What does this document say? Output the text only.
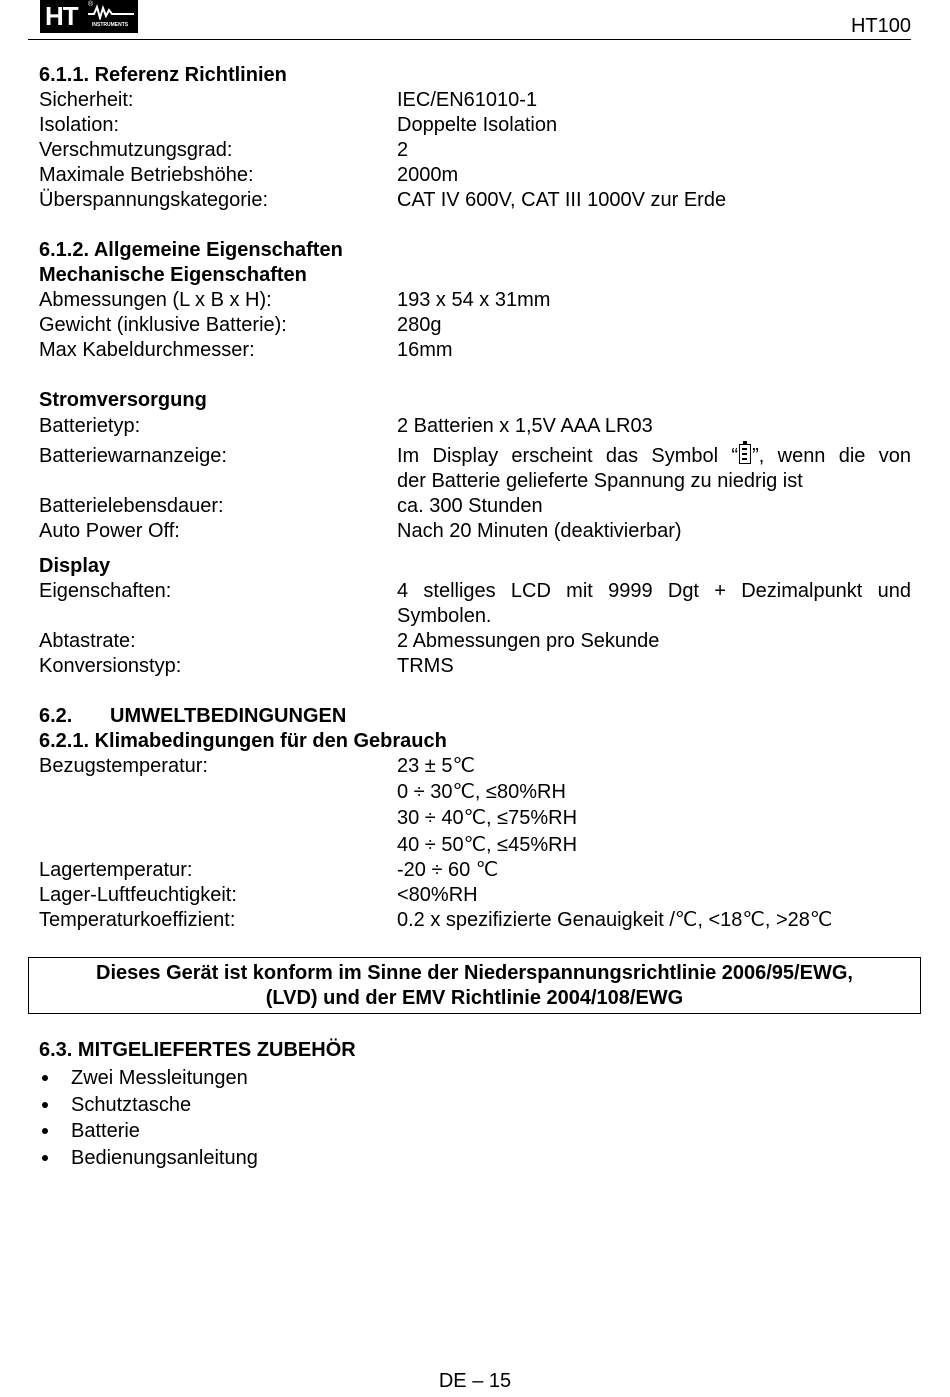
HT ®
INSTRUMENTS	HT100
6.1.1. Referenz Richtlinien
Sicherheit:	IEC/EN61010-1
Isolation:	Doppelte Isolation
Verschmutzungsgrad:	2
Maximale Betriebshöhe:	2000m
Überspannungskategorie:	CAT IV 600V, CAT III 1000V zur Erde
6.1.2. Allgemeine Eigenschaften
Mechanische Eigenschaften
Abmessungen (L x B x H):	193 x 54 x 31mm
Gewicht (inklusive Batterie):	280g
Max Kabeldurchmesser:	16mm
Stromversorgung
Batterietyp:	2 Batterien x 1,5V AAA LR03
Batteriewarnanzeige:	Im Display erscheint das Symbol “ ”, wenn die von
der Batterie gelieferte Spannung zu niedrig ist
Batterielebensdauer:	ca. 300 Stunden
Auto Power Off:	Nach 20 Minuten (deaktivierbar)
Display
Eigenschaften:	4 stelliges LCD mit 9999 Dgt + Dezimalpunkt und
Symbolen.
Abtastrate:	2 Abmessungen pro Sekunde
Konversionstyp:	TRMS
6.2. UMWELTBEDINGUNGEN
6.2.1. Klimabedingungen für den Gebrauch
Bezugstemperatur:	23 ± 5℃
0 ÷ 30℃, ≤80%RH
30 ÷ 40℃, ≤75%RH
40 ÷ 50℃, ≤45%RH
Lagertemperatur:	-20 ÷ 60 ℃
Lager-Luftfeuchtigkeit:	<80%RH
Temperaturkoeffizient:	0.2 x spezifizierte Genauigkeit /℃, <18℃, >28℃
Dieses Gerät ist konform im Sinne der Niederspannungsrichtlinie 2006/95/EWG,
(LVD) und der EMV Richtlinie 2004/108/EWG
6.3. MITGELIEFERTES ZUBEHÖR
Zwei Messleitungen
Schutztasche
Batterie
Bedienungsanleitung
DE – 15
